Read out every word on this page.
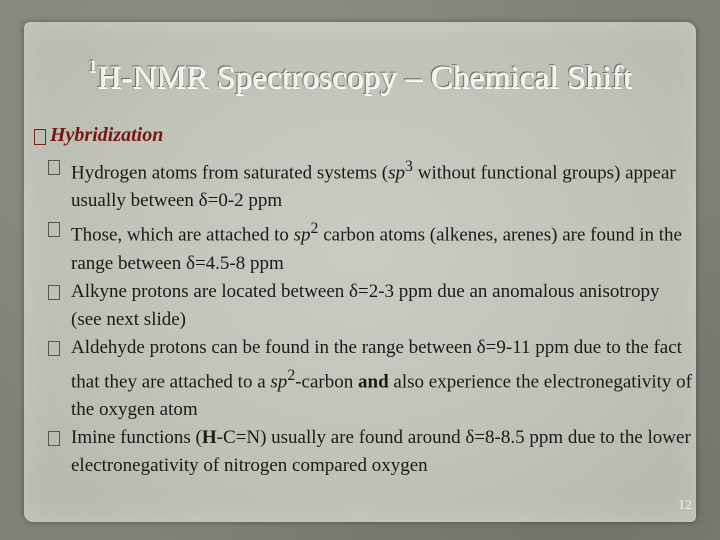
$^1$H-NMR Spectroscopy – Chemical Shift
Hybridization
Hydrogen atoms from saturated systems ($sp^3$ without functional groups) appear usually between δ=0-2 ppm
Those, which are attached to $sp^2$ carbon atoms (alkenes, arenes) are found in the range between δ=4.5-8 ppm
Alkyne protons are located between δ=2-3 ppm due an anomalous anisotropy (see next slide)
Aldehyde protons can be found in the range between δ=9-11 ppm due to the fact that they are attached to a $sp^2$-carbon and also experience the electronegativity of the oxygen atom
Imine functions (H-C=N) usually are found around δ=8-8.5 ppm due to the lower electronegativity of nitrogen compared oxygen
12
